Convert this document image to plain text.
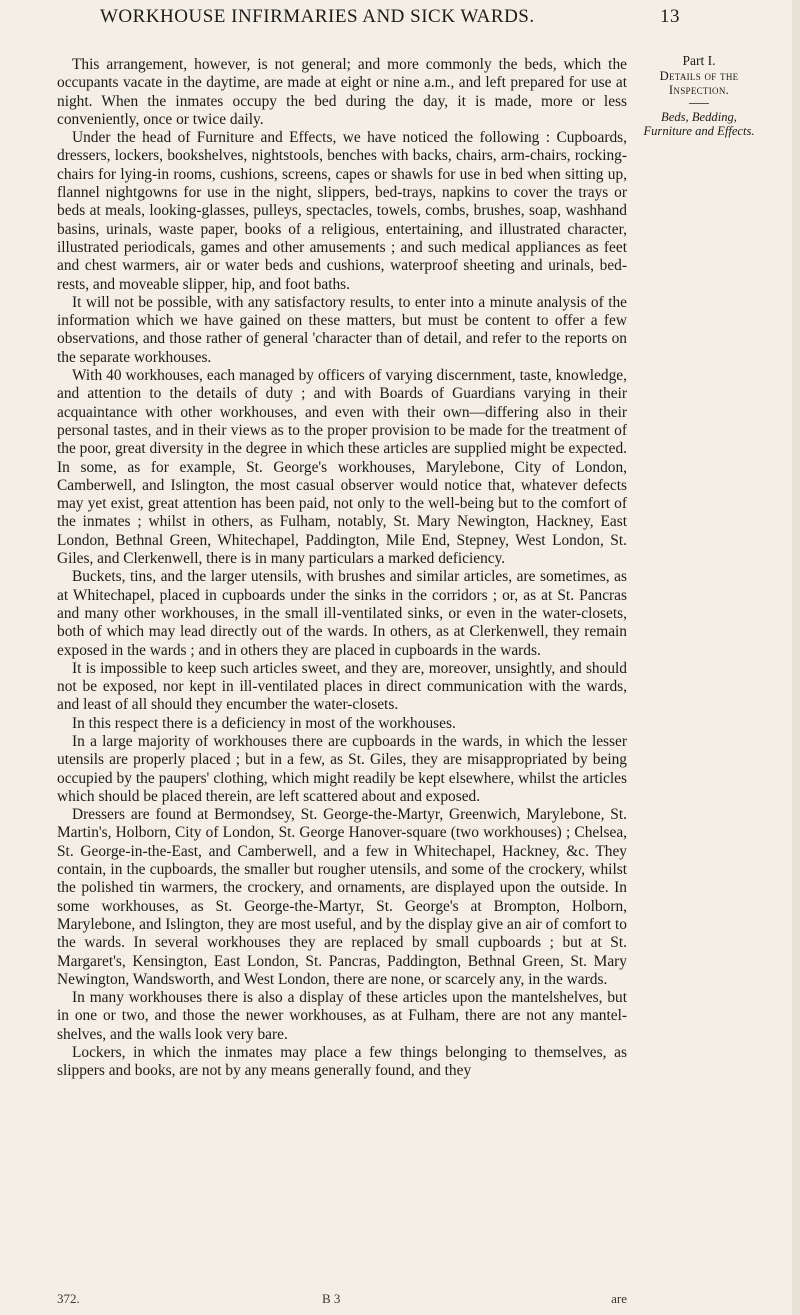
WORKHOUSE INFIRMARIES AND SICK WARDS.	13

This arrangement, however, is not general; and more commonly the beds, which the occupants vacate in the daytime, are made at eight or nine a.m., and left prepared for use at night. When the inmates occupy the bed during the day, it is made, more or less conveniently, once or twice daily.

Under the head of Furniture and Effects, we have noticed the following : Cupboards, dressers, lockers, bookshelves, nightstools, benches with backs, chairs, arm-chairs, rocking-chairs for lying-in rooms, cushions, screens, capes or shawls for use in bed when sitting up, flannel nightgowns for use in the night, slippers, bed-trays, napkins to cover the trays or beds at meals, looking-glasses, pulleys, spectacles, towels, combs, brushes, soap, washhand basins, urinals, waste paper, books of a religious, entertaining, and illustrated character, illustrated periodicals, games and other amusements ; and such medical appliances as feet and chest warmers, air or water beds and cushions, waterproof sheeting and urinals, bed-rests, and moveable slipper, hip, and foot baths.

It will not be possible, with any satisfactory results, to enter into a minute analysis of the information which we have gained on these matters, but must be content to offer a few observations, and those rather of general 'character than of detail, and refer to the reports on the separate workhouses.

With 40 workhouses, each managed by officers of varying discernment, taste, knowledge, and attention to the details of duty ; and with Boards of Guardians varying in their acquaintance with other workhouses, and even with their own—differing also in their personal tastes, and in their views as to the proper provision to be made for the treatment of the poor, great diversity in the degree in which these articles are supplied might be expected. In some, as for example, St. George's workhouses, Marylebone, City of London, Camberwell, and Islington, the most casual observer would notice that, whatever defects may yet exist, great attention has been paid, not only to the well-being but to the comfort of the inmates ; whilst in others, as Fulham, notably, St. Mary Newington, Hackney, East London, Bethnal Green, Whitechapel, Paddington, Mile End, Stepney, West London, St. Giles, and Clerkenwell, there is in many particulars a marked deficiency.

Buckets, tins, and the larger utensils, with brushes and similar articles, are sometimes, as at Whitechapel, placed in cupboards under the sinks in the corridors ; or, as at St. Pancras and many other workhouses, in the small ill-ventilated sinks, or even in the water-closets, both of which may lead directly out of the wards. In others, as at Clerkenwell, they remain exposed in the wards ; and in others they are placed in cupboards in the wards.

It is impossible to keep such articles sweet, and they are, moreover, unsightly, and should not be exposed, nor kept in ill-ventilated places in direct communication with the wards, and least of all should they encumber the water-closets.

In this respect there is a deficiency in most of the workhouses.

In a large majority of workhouses there are cupboards in the wards, in which the lesser utensils are properly placed ; but in a few, as St. Giles, they are misappropriated by being occupied by the paupers' clothing, which might readily be kept elsewhere, whilst the articles which should be placed therein, are left scattered about and exposed.

Dressers are found at Bermondsey, St. George-the-Martyr, Greenwich, Marylebone, St. Martin's, Holborn, City of London, St. George Hanover-square (two workhouses) ; Chelsea, St. George-in-the-East, and Camberwell, and a few in Whitechapel, Hackney, &c. They contain, in the cupboards, the smaller but rougher utensils, and some of the crockery, whilst the polished tin warmers, the crockery, and ornaments, are displayed upon the outside. In some workhouses, as St. George-the-Martyr, St. George's at Brompton, Holborn, Marylebone, and Islington, they are most useful, and by the display give an air of comfort to the wards. In several workhouses they are replaced by small cupboards ; but at St. Margaret's, Kensington, East London, St. Pancras, Paddington, Bethnal Green, St. Mary Newington, Wandsworth, and West London, there are none, or scarcely any, in the wards.

In many workhouses there is also a display of these articles upon the mantelshelves, but in one or two, and those the newer workhouses, as at Fulham, there are not any mantel-shelves, and the walls look very bare.

Lockers, in which the inmates may place a few things belonging to themselves, as slippers and books, are not by any means generally found, and they

Part I.
Details of the Inspection.
Beds, Bedding, Furniture and Effects.
372.	B 3	are
